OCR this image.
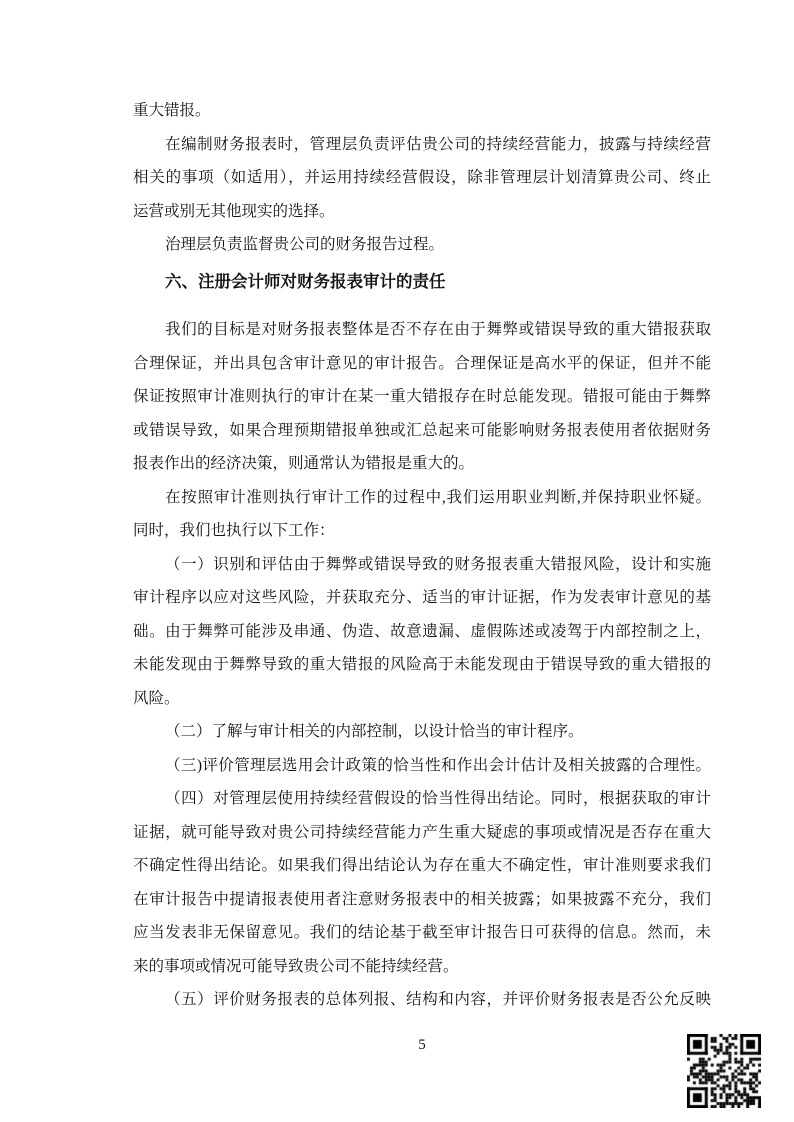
重大错报。
在编制财务报表时，管理层负责评估贵公司的持续经营能力，披露与持续经营
相关的事项（如适用），并运用持续经营假设，除非管理层计划清算贵公司、终止
运营或别无其他现实的选择。
治理层负责监督贵公司的财务报告过程。
六、注册会计师对财务报表审计的责任
我们的目标是对财务报表整体是否不存在由于舞弊或错误导致的重大错报获取
合理保证，并出具包含审计意见的审计报告。合理保证是高水平的保证，但并不能
保证按照审计准则执行的审计在某一重大错报存在时总能发现。错报可能由于舞弊
或错误导致，如果合理预期错报单独或汇总起来可能影响财务报表使用者依据财务
报表作出的经济决策，则通常认为错报是重大的。
在按照审计准则执行审计工作的过程中,我们运用职业判断,并保持职业怀疑。
同时，我们也执行以下工作：
（一）识别和评估由于舞弊或错误导致的财务报表重大错报风险，设计和实施
审计程序以应对这些风险，并获取充分、适当的审计证据，作为发表审计意见的基
础。由于舞弊可能涉及串通、伪造、故意遗漏、虚假陈述或凌驾于内部控制之上，
未能发现由于舞弊导致的重大错报的风险高于未能发现由于错误导致的重大错报的
风险。
（二）了解与审计相关的内部控制，以设计恰当的审计程序。
（三)评价管理层选用会计政策的恰当性和作出会计估计及相关披露的合理性。
（四）对管理层使用持续经营假设的恰当性得出结论。同时，根据获取的审计
证据，就可能导致对贵公司持续经营能力产生重大疑虑的事项或情况是否存在重大
不确定性得出结论。如果我们得出结论认为存在重大不确定性，审计准则要求我们
在审计报告中提请报表使用者注意财务报表中的相关披露；如果披露不充分，我们
应当发表非无保留意见。我们的结论基于截至审计报告日可获得的信息。然而，未
来的事项或情况可能导致贵公司不能持续经营。
（五）评价财务报表的总体列报、结构和内容，并评价财务报表是否公允反映
5
